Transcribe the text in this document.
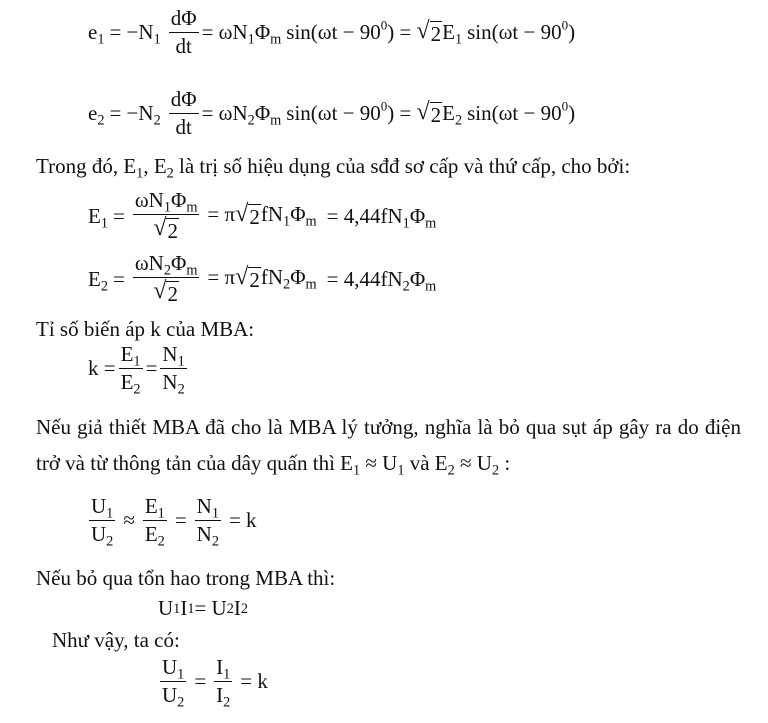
$e_1 = -N_1 \frac{d\Phi}{dt} = \omega N_1\Phi_m$ $\sin(\omega t - 90^0)$ = √ 2 $E_1$ $\sin(\omega t - 90^0)$
$e_2 = -N_2 \frac{d\Phi}{dt} = \omega N_2\Phi_m$ $\sin(\omega t - 90^0)$ = √ 2 $E_2$ $\sin(\omega t - 90^0)$
Trong đó, $E_1$, $E_2$ là trị số hiệu dụng của sđđ sơ cấp và thứ cấp, cho bởi:
$E_1 = \frac{\omega N_1\Phi_m}{√ 2} = \pi$ √ 2 $fN_1\Phi_m = 4,44fN_1\Phi_m$
$E_2 = \frac{\omega N_2\Phi_m}{√ 2} = \pi$ √ 2 $fN_2\Phi_m = 4,44fN_2\Phi_m$
Tỉ số biến áp k của MBA:
$k = \frac{E_1}{E_2} = \frac{N_1}{N_2}$
Nếu giả thiết MBA đã cho là MBA lý tưởng, nghĩa là bỏ qua sụt áp gây ra do điện trở và từ thông tản của dây quấn thì $E_1 \approx U_1$ và $E_2 \approx U_2$ :
$\frac{U_1}{U_2} \approx \frac{E_1}{E_2} = \frac{N_1}{N_2} = k$
Nếu bỏ qua tổn hao trong MBA thì:
U 1 I 1 = U 2 I 2
Như vậy, ta có:
$\frac{U_1}{U_2} = \frac{I_1}{I_2} = k$
